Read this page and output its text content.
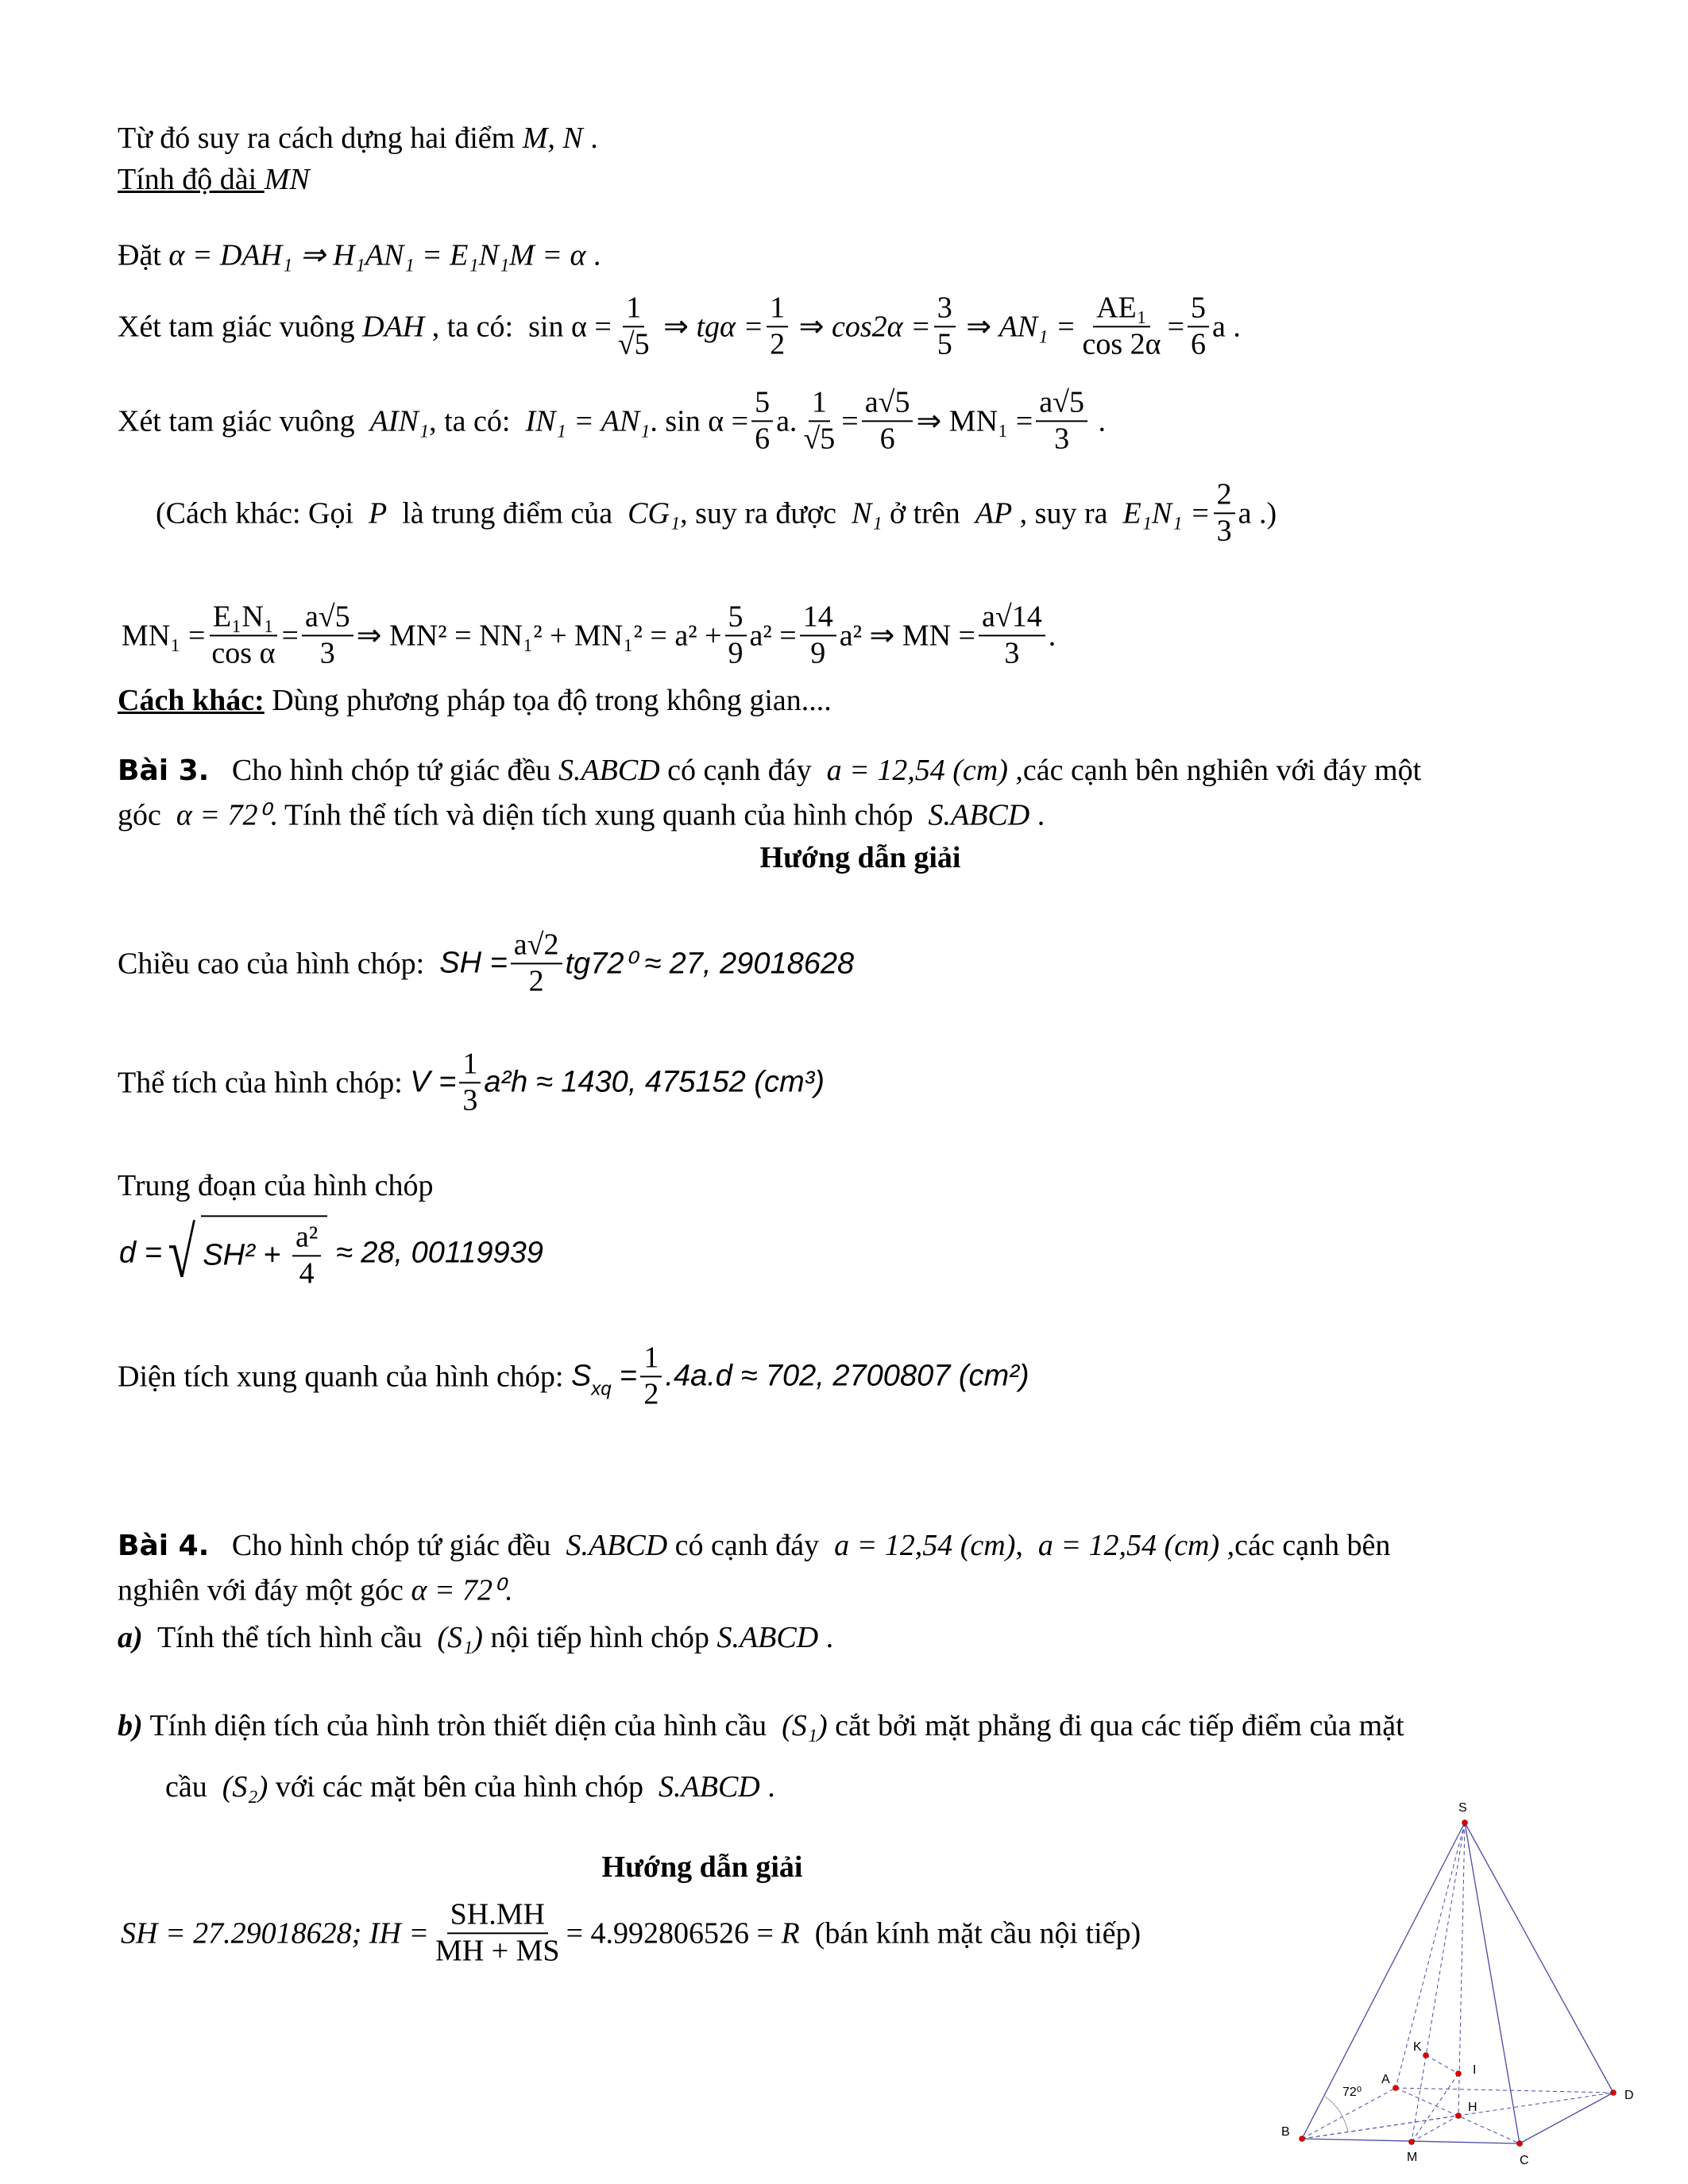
Từ đó suy ra cách dựng hai điểm M, N .
Tính độ dài MN
Đặt α = DAH₁ ⇒ H₁AN₁ = E₁N₁M = α .
Xét tam giác vuông DAH , ta có:  $\sin \alpha = \frac{1}{√5}$ ⇒ $tg\alpha = \frac{1}{2}$ ⇒ $\cos 2\alpha = \frac{3}{5}$ ⇒ $AN_1 = \frac{\text{AE₁}}{\cos 2\alpha} = \frac{5}{6}$ a .
Xét tam giác vuông AIN₁ , ta có: IN₁ = AN₁ . $\sin \alpha = \frac{5}{6} a$. $\frac{1}{√5} = \frac{a√5}{6}$ ⇒ $MN_1 = \frac{a√5}{3}$ .
(Cách khác: Gọi P là trung điểm của CG₁ , suy ra được N₁ ở trên AP , suy ra $E_1N_1 = \frac{2}{3}$ a .)
$MN_1 = \frac{\text{E₁N₁}}{\text{cos α}} = \frac{a√5}{3}$ ⇒ $MN^2 = NN_1^2 + MN_1^2 = a^2 + \frac{5}{9} a^2 = \frac{14}{9} a^2$ ⇒ MN = $\frac{a√14}{3}$ .
Cách khác: Dùng phương pháp tọa độ trong không gian....
Bài 3. Cho hình chóp tứ giác đều S.ABCD có cạnh đáy a = 12,54 (cm) ,các cạnh bên nghiên với đáy một
góc α = 72⁰ . Tính thể tích và diện tích xung quanh của hình chóp S.ABCD .
Hướng dẫn giải
Chiều cao của hình chóp: SH = $\frac{a√2}{2} tg72^0 \approx 27$, 29018628
Thể tích của hình chóp: $V = \frac{1}{3} a^2h \approx 1430$, 475152 (cm³)
Trung đoạn của hình chóp
d = √ $SH^2 + \frac{\text{a²}}{4} \approx 28$, 00119939
Diện tích xung quanh của hình chóp: S xq = $\frac{1}{2} .4a.d \approx 702$, 2700807 (cm²)
Bài 4. Cho hình chóp tứ giác đều S.ABCD có cạnh đáy a = 12,54 (cm) , a = 12,54 (cm) ,các cạnh bên
nghiên với đáy một góc α = 72⁰ .
a) Tính thể tích hình cầu (S₁) nội tiếp hình chóp S.ABCD .
b) Tính diện tích của hình tròn thiết diện của hình cầu (S₁) cắt bởi mặt phẳng đi qua các tiếp điểm của mặt
cầu (S₂) với các mặt bên của hình chóp S.ABCD .
Hướng dẫn giải
SH = 27.29018628; IH = $\frac{SH.MH}{MH + MS} = 4.992806526 = R$ (bán kính mặt cầu nội tiếp)
S
A
B
C
D
M
H
I
K
72⁰
